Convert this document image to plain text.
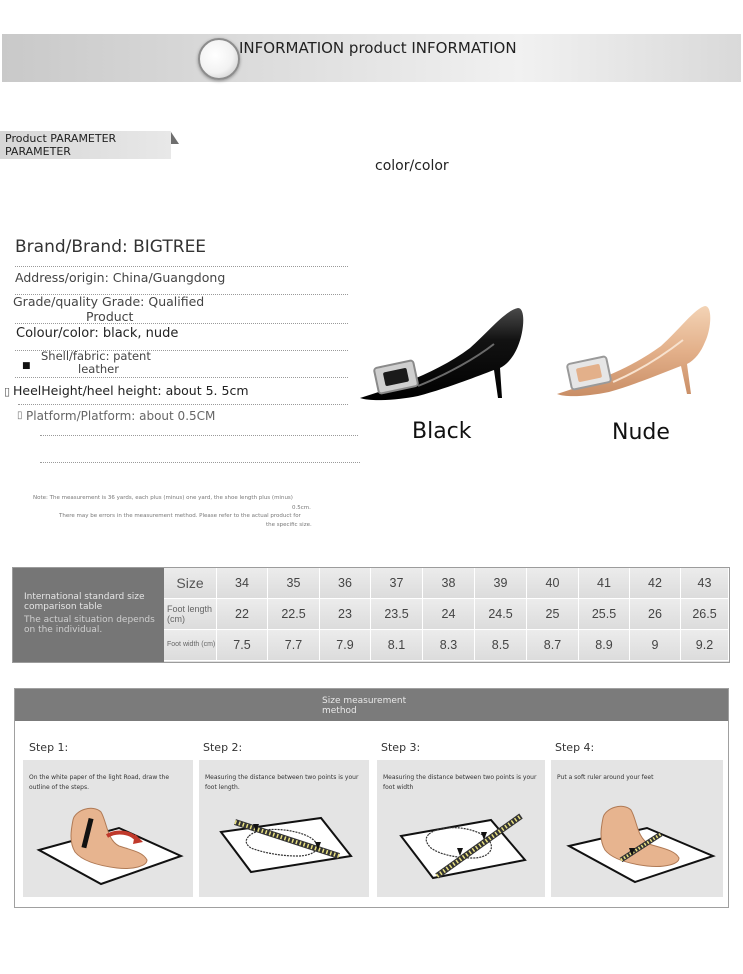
INFORMATION product INFORMATION
Product PARAMETER
PARAMETER
color/color
Brand/Brand: BIGTREE
Address/origin: China/Guangdong
Grade/quality Grade: Qualified
Product
Colour/color: black, nude
■
Shell/fabric: patent
leather
▯ HeelHeight/heel height: about 5. 5cm
▯ Platform/Platform: about 0.5CM
Note: The measurement is 36 yards, each plus (minus) one yard, the shoe length plus (minus)
0.5cm.
There may be errors in the measurement method. Please refer to the actual product for
the specific size.
Black	Nude
International standard size
comparison table
The actual situation depends
on the individual.
Size	34	35	36	37	38	39	40	41	42	43
Foot length (cm)	22	22.5	23	23.5	24	24.5	25	25.5	26	26.5
Foot width (cm)	7.5	7.7	7.9	8.1	8.3	8.5	8.7	8.9	9	9.2
Size measurement
method
Step 1:	Step 2:	Step 3:	Step 4:
On the white paper of the light Road, draw the
outline of the steps.
Measuring the distance between two points is your
foot length.
Measuring the distance between two points is your
foot width
Put a soft ruler around your feet
